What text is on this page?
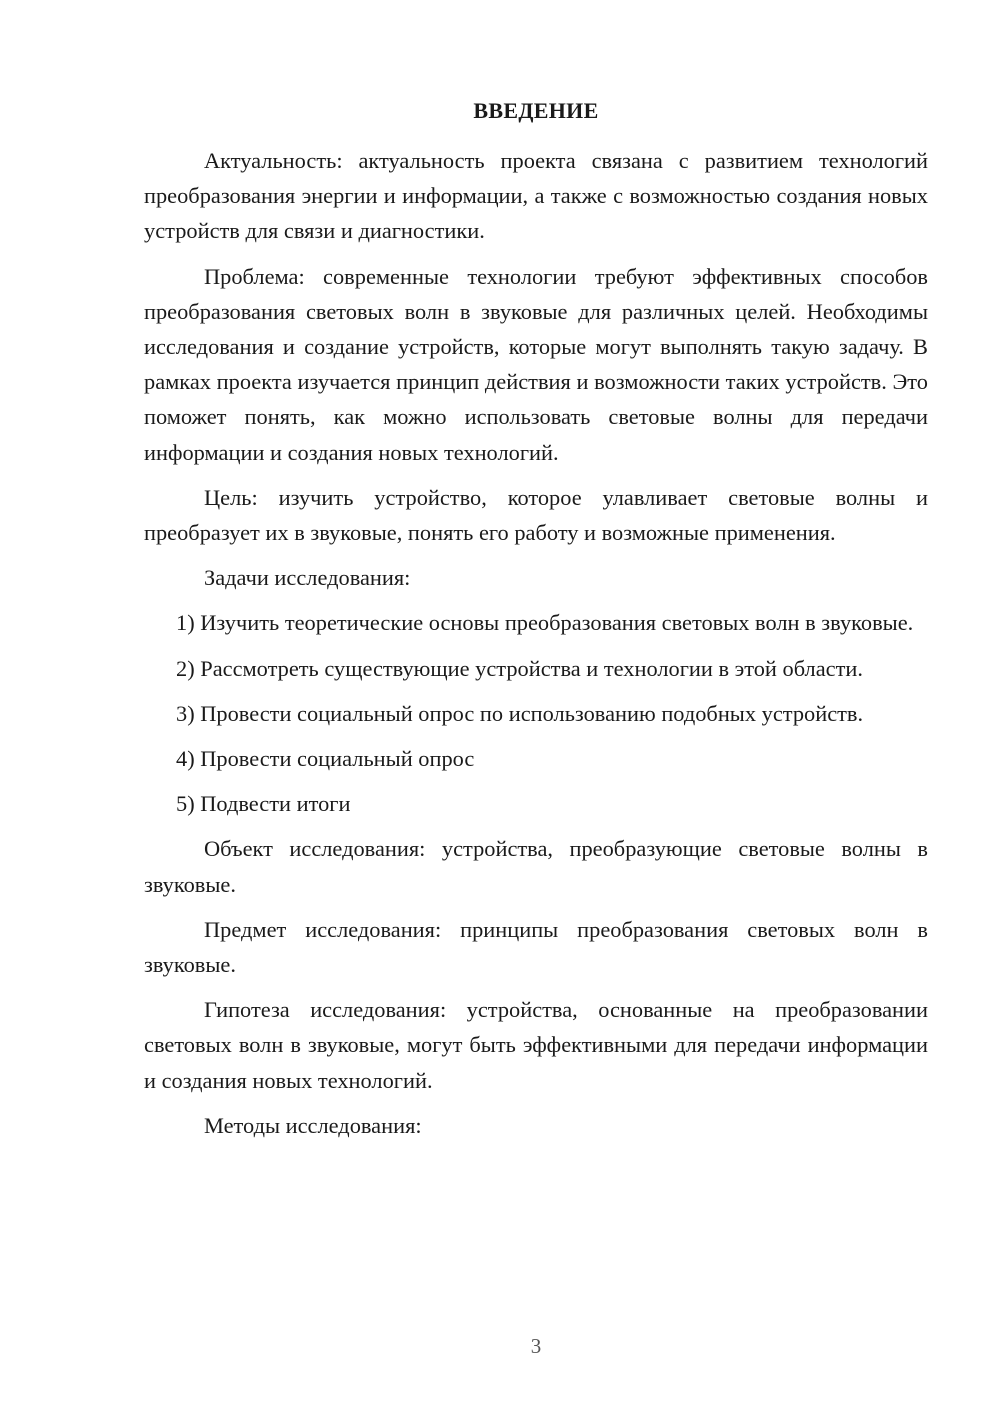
ВВЕДЕНИЕ

Актуальность: актуальность проекта связана с развитием технологий преобразования энергии и информации, а также с возможностью создания новых устройств для связи и диагностики.

Проблема: современные технологии требуют эффективных способов преобразования световых волн в звуковые для различных целей. Необходимы исследования и создание устройств, которые могут выполнять такую задачу. В рамках проекта изучается принцип действия и возможности таких устройств. Это поможет понять, как можно использовать световые волны для передачи информации и создания новых технологий.

Цель: изучить устройство, которое улавливает световые волны и преобразует их в звуковые, понять его работу и возможные применения.

Задачи исследования:

1) Изучить теоретические основы преобразования световых волн в звуковые.

2) Рассмотреть существующие устройства и технологии в этой области.

3) Провести социальный опрос по использованию подобных устройств.

4) Провести социальный опрос

5) Подвести итоги

Объект исследования: устройства, преобразующие световые волны в звуковые.

Предмет исследования: принципы преобразования световых волн в звуковые.

Гипотеза исследования: устройства, основанные на преобразовании световых волн в звуковые, могут быть эффективными для передачи информации и создания новых технологий.

Методы исследования:

3
